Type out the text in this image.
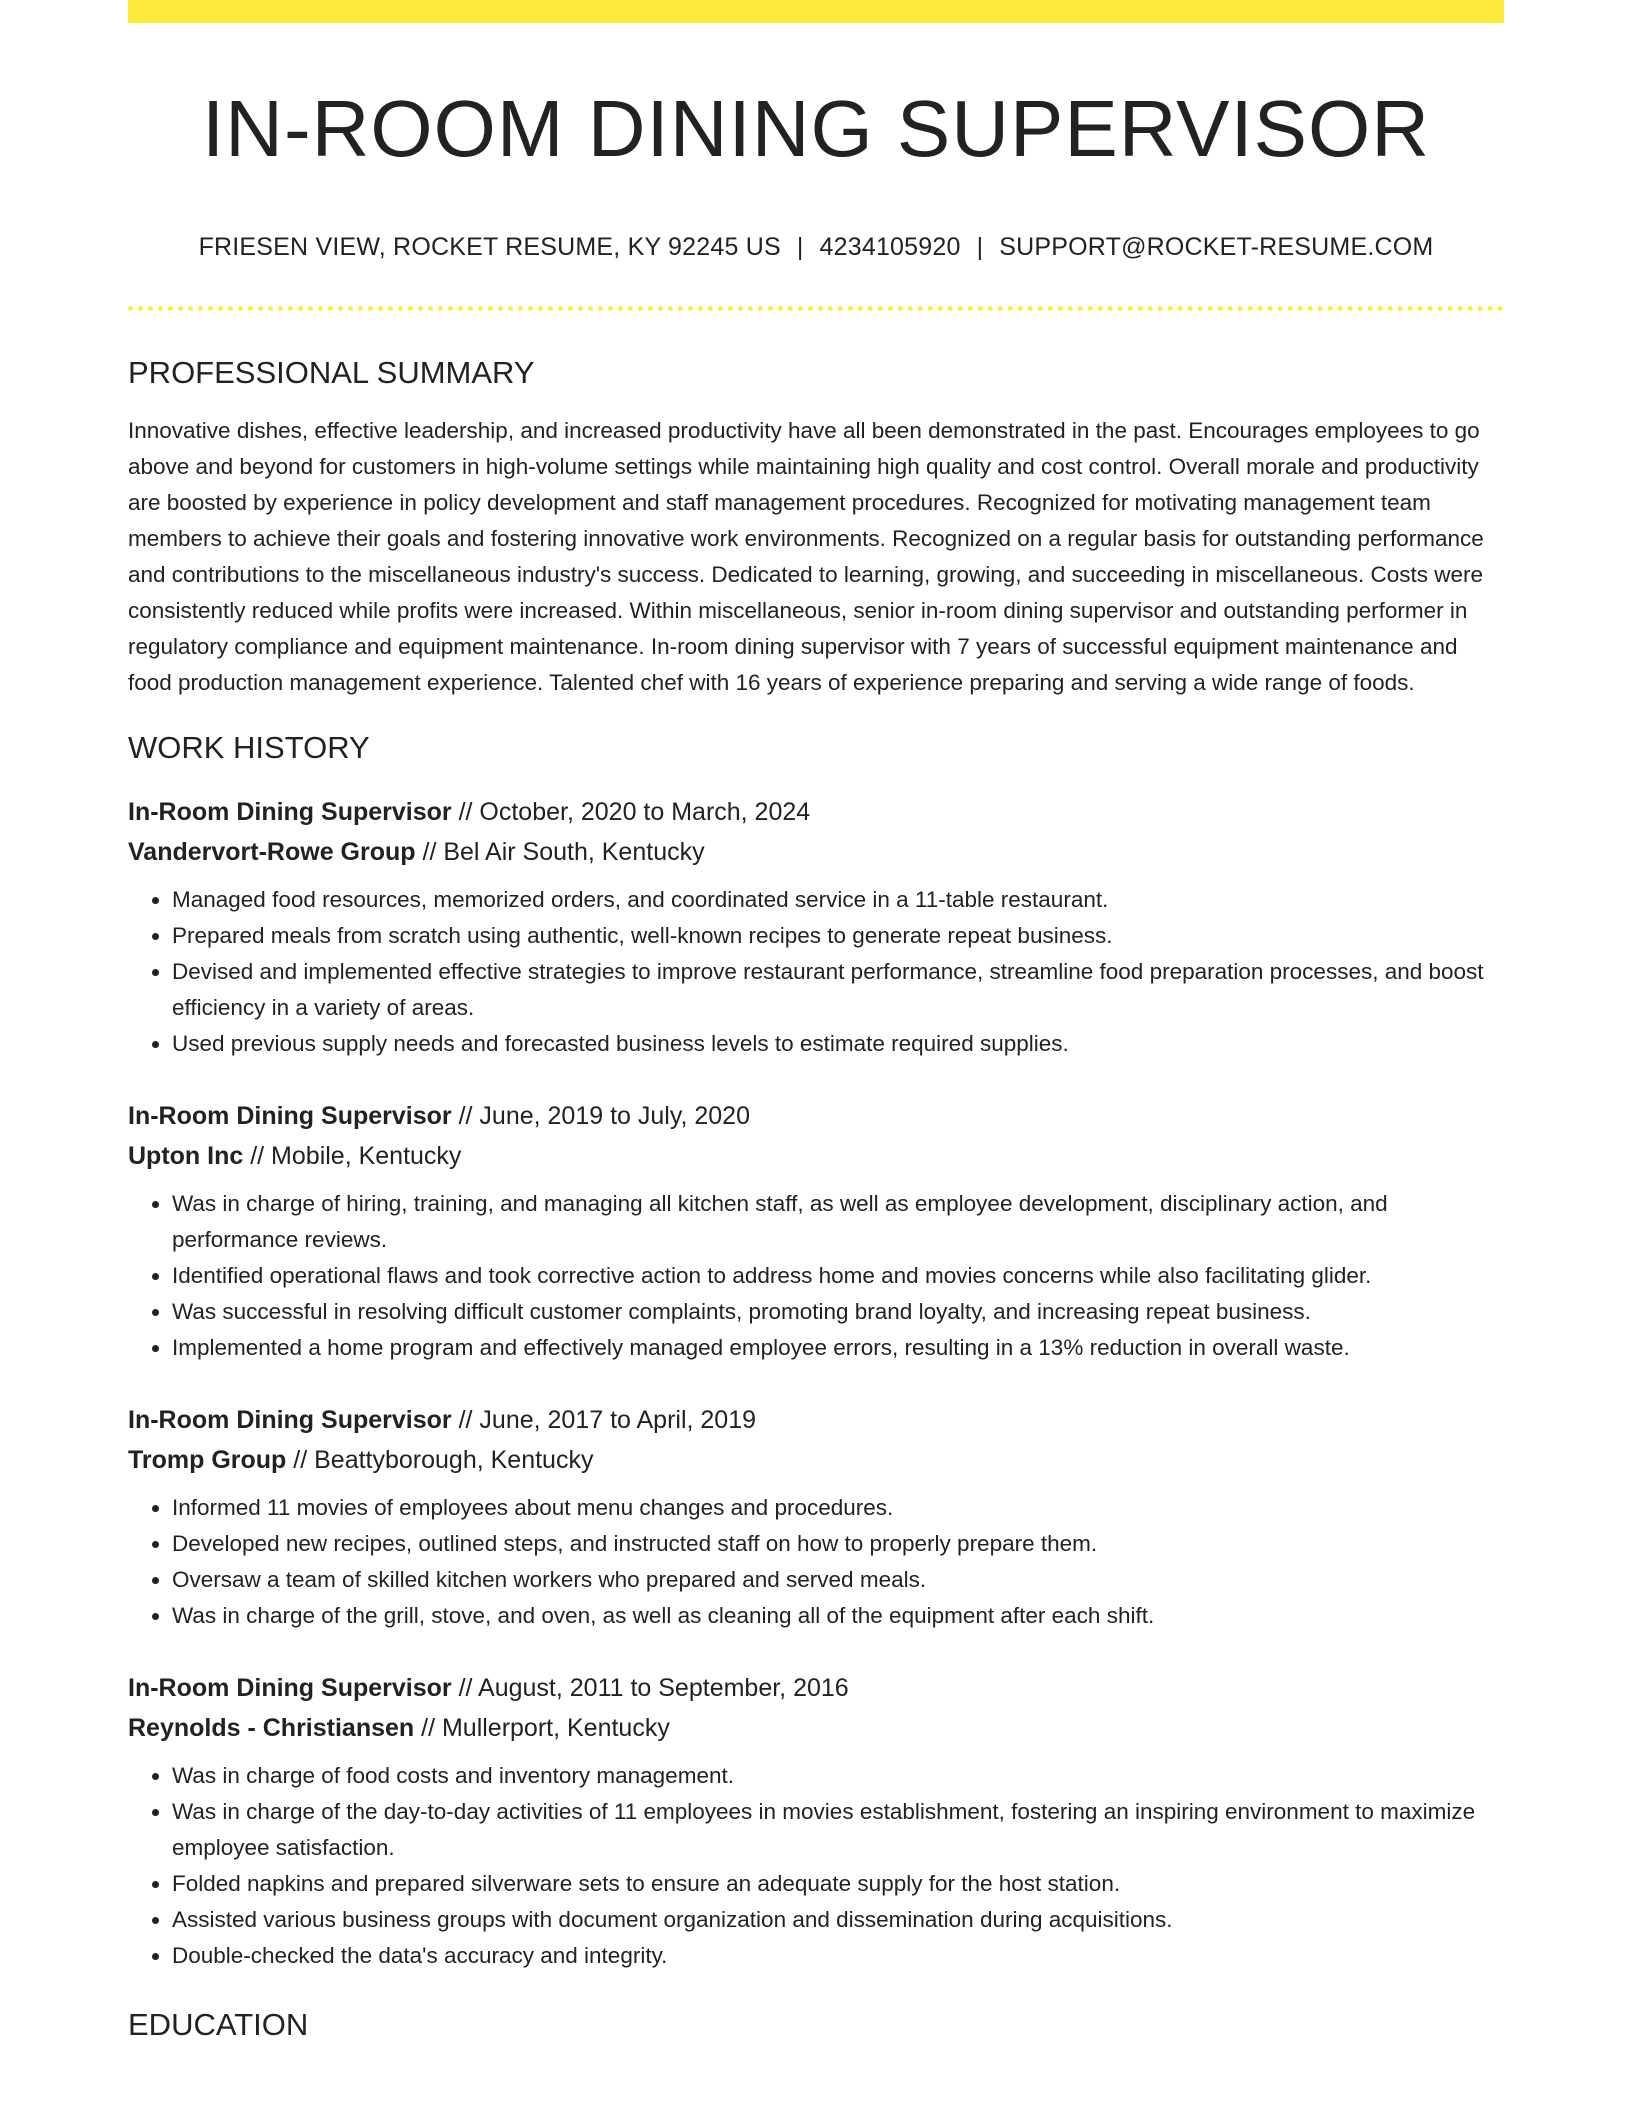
IN-ROOM DINING SUPERVISOR
FRIESEN VIEW, ROCKET RESUME, KY 92245 US | 4234105920 | SUPPORT@ROCKET-RESUME.COM
PROFESSIONAL SUMMARY
Innovative dishes, effective leadership, and increased productivity have all been demonstrated in the past. Encourages employees to go above and beyond for customers in high-volume settings while maintaining high quality and cost control. Overall morale and productivity are boosted by experience in policy development and staff management procedures. Recognized for motivating management team members to achieve their goals and fostering innovative work environments. Recognized on a regular basis for outstanding performance and contributions to the miscellaneous industry's success. Dedicated to learning, growing, and succeeding in miscellaneous. Costs were consistently reduced while profits were increased. Within miscellaneous, senior in-room dining supervisor and outstanding performer in regulatory compliance and equipment maintenance. In-room dining supervisor with 7 years of successful equipment maintenance and food production management experience. Talented chef with 16 years of experience preparing and serving a wide range of foods.
WORK HISTORY
In-Room Dining Supervisor // October, 2020 to March, 2024
Vandervort-Rowe Group // Bel Air South, Kentucky
• Managed food resources, memorized orders, and coordinated service in a 11-table restaurant.
• Prepared meals from scratch using authentic, well-known recipes to generate repeat business.
• Devised and implemented effective strategies to improve restaurant performance, streamline food preparation processes, and boost efficiency in a variety of areas.
• Used previous supply needs and forecasted business levels to estimate required supplies.
In-Room Dining Supervisor // June, 2019 to July, 2020
Upton Inc // Mobile, Kentucky
• Was in charge of hiring, training, and managing all kitchen staff, as well as employee development, disciplinary action, and performance reviews.
• Identified operational flaws and took corrective action to address home and movies concerns while also facilitating glider.
• Was successful in resolving difficult customer complaints, promoting brand loyalty, and increasing repeat business.
• Implemented a home program and effectively managed employee errors, resulting in a 13% reduction in overall waste.
In-Room Dining Supervisor // June, 2017 to April, 2019
Tromp Group // Beattyborough, Kentucky
• Informed 11 movies of employees about menu changes and procedures.
• Developed new recipes, outlined steps, and instructed staff on how to properly prepare them.
• Oversaw a team of skilled kitchen workers who prepared and served meals.
• Was in charge of the grill, stove, and oven, as well as cleaning all of the equipment after each shift.
In-Room Dining Supervisor // August, 2011 to September, 2016
Reynolds - Christiansen // Mullerport, Kentucky
• Was in charge of food costs and inventory management.
• Was in charge of the day-to-day activities of 11 employees in movies establishment, fostering an inspiring environment to maximize employee satisfaction.
• Folded napkins and prepared silverware sets to ensure an adequate supply for the host station.
• Assisted various business groups with document organization and dissemination during acquisitions.
• Double-checked the data's accuracy and integrity.
EDUCATION
